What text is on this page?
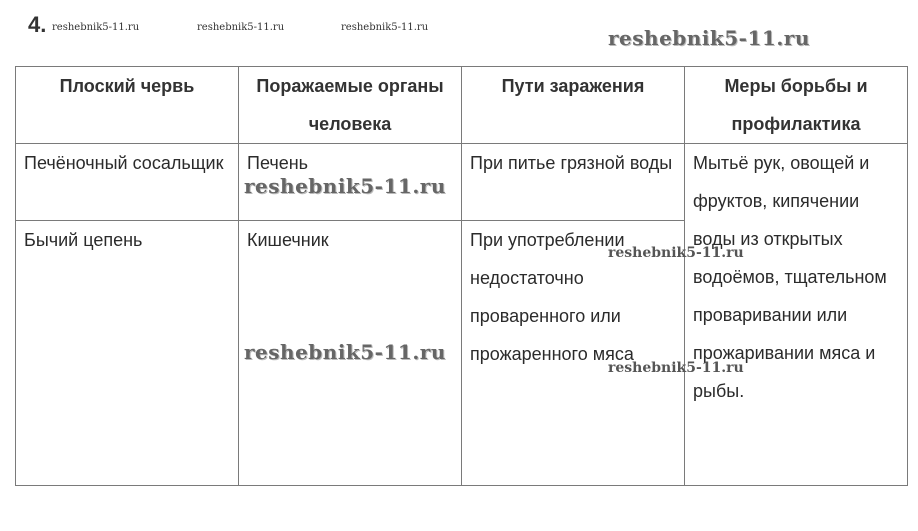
4. reshebnik5-11.ru	reshebnik5-11.ru	reshebnik5-11.ru	reshebnik5-11.ru
Плоский червь	Поражаемые органы человека	Пути заражения	Меры борьбы и профилактика
Печёночный сосальщик	Печень	При питье грязной воды	Мытьё рук, овощей и фруктов, кипячении воды из открытых водоёмов, тщательном проваривании или прожаривании мяса и рыбы.
Бычий цепень	Кишечник	При употреблении недостаточно проваренного или прожаренного мяса	
reshebnik5-11.ru
reshebnik5-11.ru
reshebnik5-11.ru
reshebnik5-11.ru
